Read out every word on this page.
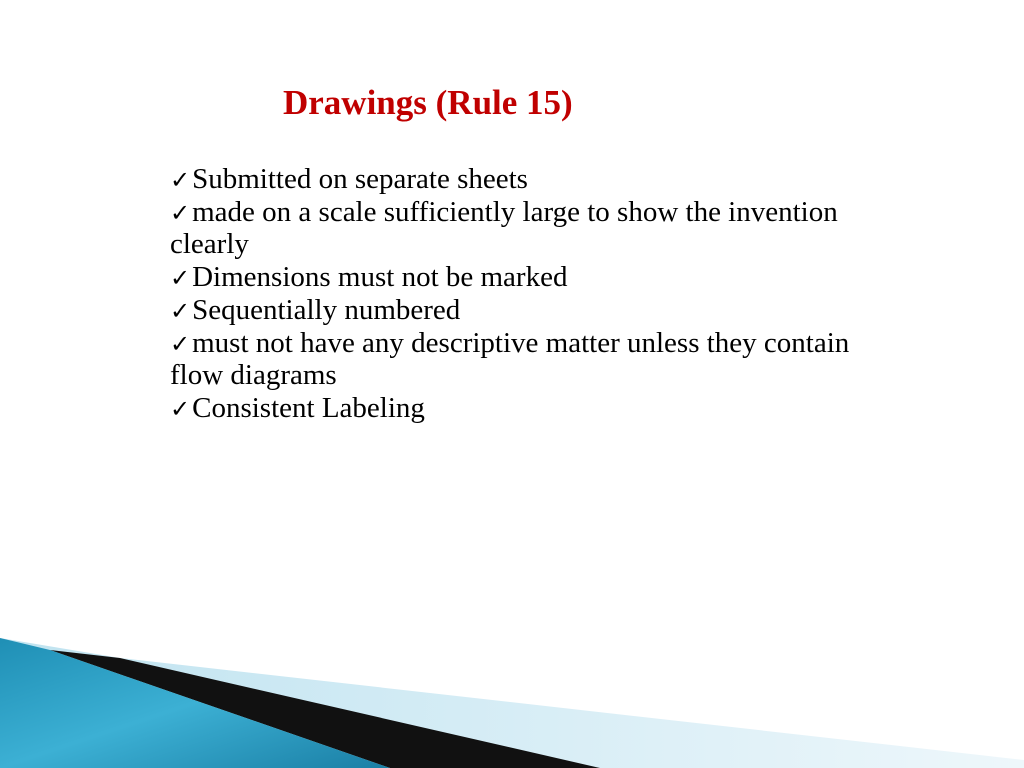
Drawings (Rule 15)
✓Submitted on separate sheets
✓made on a scale sufficiently large to show the invention clearly
✓Dimensions must not be marked
✓Sequentially numbered
✓must not have any descriptive matter unless they contain flow diagrams
✓Consistent Labeling
